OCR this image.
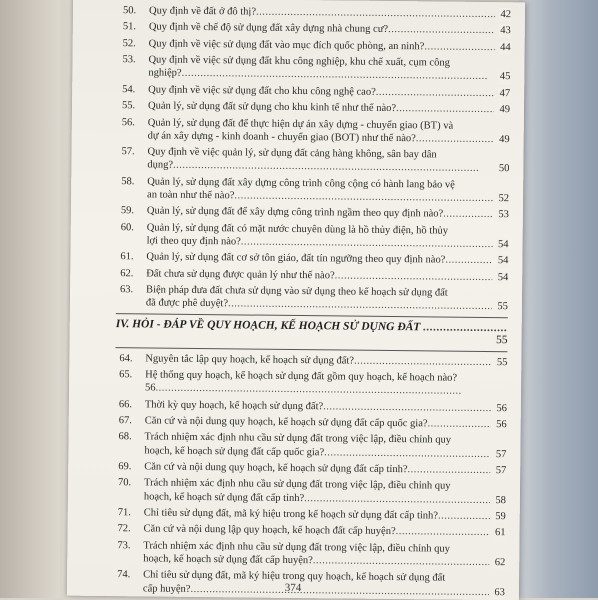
50. Quy định về đất ở đô thị? .....	42
51. Quy định về chế độ sử dụng đất xây dựng nhà chung cư? .....	43
52. Quy định về việc sử dụng đất vào mục đích quốc phòng, an ninh? .....	44
53. Quy định về việc sử dụng đất khu công nghiệp, khu chế xuất, cụm công
nghiệp? .....	45
54. Quy định về việc sử dụng đất cho khu công nghệ cao? .....	47
55. Quản lý, sử dụng đất sử dụng cho khu kinh tế như thế nào? .....	49
56. Quản lý, sử dụng đất để thực hiện dự án xây dựng - chuyển giao (BT) và
dự án xây dựng - kinh doanh - chuyển giao (BOT) như thế nào? .....	49
57. Quy định về việc quản lý, sử dụng đất cảng hàng không, sân bay dân
dụng? .....	50
58. Quản lý, sử dụng đất xây dựng công trình công cộng có hành lang bảo vệ
an toàn như thế nào? .....	52
59. Quản lý, sử dụng đất để xây dựng công trình ngầm theo quy định nào? .....	53
60. Quản lý, sử dụng đất có mặt nước chuyên dùng là hồ thủy điện, hồ thủy
lợi theo quy định nào? .....	54
61. Quản lý, sử dụng đất cơ sở tôn giáo, đất tín ngưỡng theo quy định nào? .....	54
62. Đất chưa sử dụng được quản lý như thế nào? .....	54
63. Biện pháp đưa đất chưa sử dụng vào sử dụng theo kế hoạch sử dụng đất
đã được phê duyệt? .....	55
IV. HỎI - ĐÁP VỀ QUY HOẠCH, KẾ HOẠCH SỬ DỤNG ĐẤT .....
55
64. Nguyên tắc lập quy hoạch, kế hoạch sử dụng đất? .....	55
65. Hệ thống quy hoạch, kế hoạch sử dụng đất gồm quy hoạch, kế hoạch nào?
56 .....
66. Thời kỳ quy hoạch, kế hoạch sử dụng đất? .....	56
67. Căn cứ và nội dung quy hoạch, kế hoạch sử dụng đất cấp quốc gia? .....	56
68. Trách nhiệm xác định nhu cầu sử dụng đất trong việc lập, điều chỉnh quy
hoạch, kế hoạch sử dụng đất cấp quốc gia? .....	57
69. Căn cứ và nội dung quy hoạch, kế hoạch sử dụng đất cấp tỉnh? .....	57
70. Trách nhiệm xác định nhu cầu sử dụng đất trong việc lập, điều chỉnh quy
hoạch, kế hoạch sử dụng đất cấp tỉnh? .....	58
71. Chỉ tiêu sử dụng đất, mã ký hiệu trong kế hoạch sử dụng đất cấp tỉnh? .....	59
72. Căn cứ và nội dung lập quy hoạch, kế hoạch đất cấp huyện? .....	61
73. Trách nhiệm xác định nhu cầu sử dụng đất trong việc lập, điều chỉnh quy
hoạch, kế hoạch sử dụng đất cấp huyện? .....	62
74. Chỉ tiêu sử dụng đất, mã ký hiệu trong quy hoạch, kế hoạch sử dụng đất
cấp huyện? .....	63
374
